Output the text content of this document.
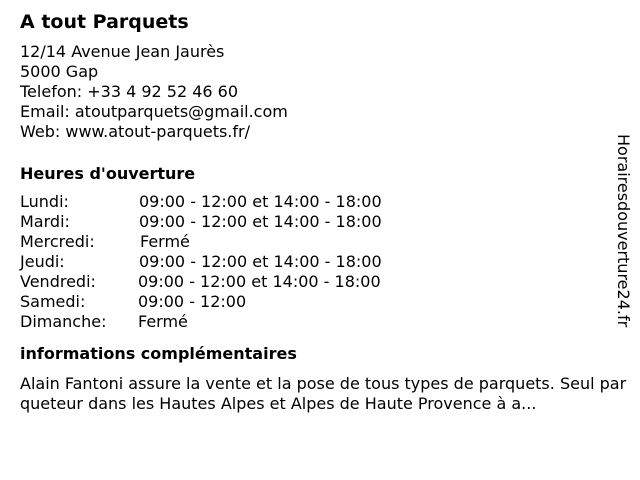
A tout Parquets
12/14 Avenue Jean Jaurès
5000 Gap
Telefon: +33 4 92 52 46 60
Email: atoutparquets@gmail.com
Web: www.atout-parquets.fr/
Heures d'ouverture
Lundi:	09:00 - 12:00 et 14:00 - 18:00
Mardi:	09:00 - 12:00 et 14:00 - 18:00
Mercredi:	Fermé
Jeudi:	09:00 - 12:00 et 14:00 - 18:00
Vendredi:	09:00 - 12:00 et 14:00 - 18:00
Samedi:	09:00 - 12:00
Dimanche: Fermé
informations complémentaires
Alain Fantoni assure la vente et la pose de tous types de parquets. Seul parqueteur dans les Hautes Alpes et Alpes de Haute Provence à a...
Horairesdouverture24.fr
